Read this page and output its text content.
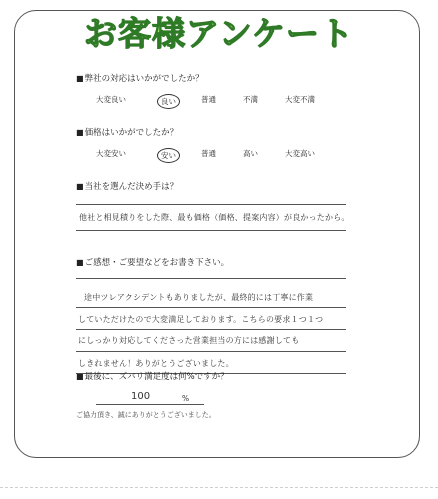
お客様アンケート
■ 弊社の対応はいかがでしたか？
大変良い	良い	普通	不満	大変不満
■ 価格はいかがでしたか？
大変安い	安い	普通	高い	大変高い
■ 当社を選んだ決め手は？
他社と相見積りをした際、最も価格（価格、提案内容）が良かったから。
■ ご感想・ご要望などをお書き下さい。
途中ツレアクシデントもありましたが、最終的には丁寧に作業
していただけたので大変満足しております。こちらの要求１つ１つ
にしっかり対応してくださった営業担当の方には感謝しても
しきれません！ありがとうございました。
■ 最後に、ズバリ満足度は何%ですか？
100	%
ご協力頂き、誠にありがとうございました。
